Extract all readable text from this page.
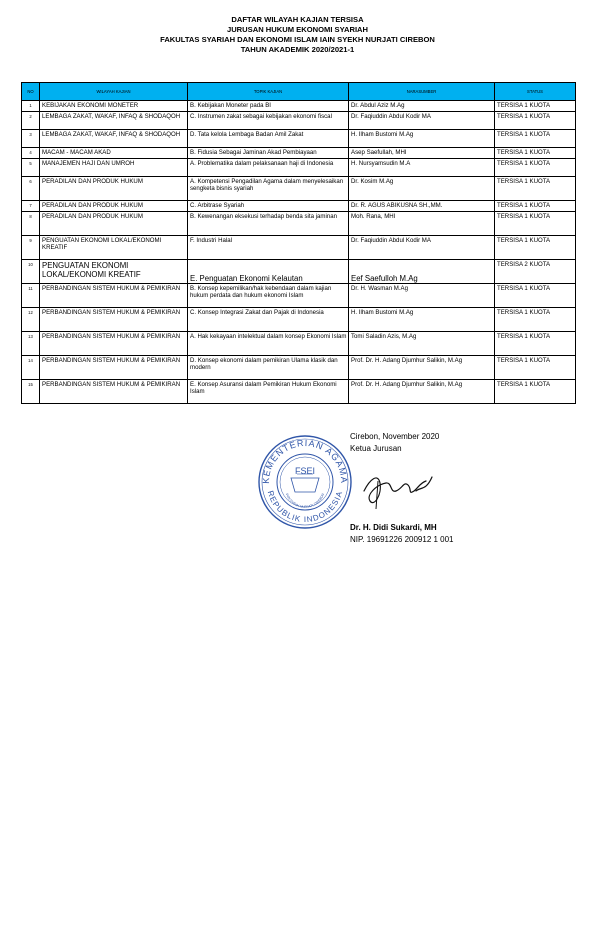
DAFTAR WILAYAH KAJIAN TERSISA
JURUSAN HUKUM EKONOMI SYARIAH
FAKULTAS SYARIAH DAN EKONOMI ISLAM IAIN SYEKH NURJATI CIREBON
TAHUN AKADEMIK 2020/2021-1
NO	WILAYAH KAJIAN	TOPIK KAJIAN	NARASUMBER	STATUS
1	KEBIJAKAN EKONOMI MONETER	B. Kebijakan Moneter pada BI	Dr. Abdul Aziz M.Ag	TERSISA 1 KUOTA
2	LEMBAGA ZAKAT, WAKAF, INFAQ & SHODAQOH	C. Instrumen zakat sebagai kebijakan ekonomi fiscal	Dr. Faqiuddin Abdul Kodir MA	TERSISA 1 KUOTA
3	LEMBAGA ZAKAT, WAKAF, INFAQ & SHODAQOH	D. Tata kelola Lembaga Badan Amil Zakat	H. Ilham Bustomi M.Ag	TERSISA 1 KUOTA
4	MACAM - MACAM AKAD	B. Fidusia Sebagai Jaminan Akad Pembiayaan	Asep Saefullah, MHI	TERSISA 1 KUOTA
5	MANAJEMEN HAJI DAN UMROH	A. Problematika dalam pelaksanaan haji di Indonesia	H. Nursyamsudin M.A	TERSISA 1 KUOTA
6	PERADILAN DAN PRODUK HUKUM	A. Kompetensi Pengadilan Agama dalam menyelesaikan sengketa bisnis syariah	Dr. Kosim M.Ag	TERSISA 1 KUOTA
7	PERADILAN DAN PRODUK HUKUM	C. Arbitrase Syariah	Dr. R. AGUS ABIKUSNA SH.,MM.	TERSISA 1 KUOTA
8	PERADILAN DAN PRODUK HUKUM	B. Kewenangan eksekusi terhadap benda sita jaminan	Moh. Rana, MHI	TERSISA 1 KUOTA
9	PENGUATAN EKONOMI LOKAL/EKONOMI KREATIF	F. Industri Halal	Dr. Faqiuddin Abdul Kodir MA	TERSISA 1 KUOTA
10	PENGUATAN EKONOMI LOKAL/EKONOMI KREATIF	E. Penguatan Ekonomi Kelautan	Eef Saefulloh M.Ag	TERSISA 2 KUOTA
11	PERBANDINGAN SISTEM HUKUM & PEMIKIRAN	B. Konsep kepemilikan/hak kebendaan dalam kajian hukum perdata dan hukum ekonomi Islam	Dr. H. Wasman M.Ag	TERSISA 1 KUOTA
12	PERBANDINGAN SISTEM HUKUM & PEMIKIRAN	C. Konsep Integrasi Zakat dan Pajak di Indonesia	H. Ilham Bustomi M.Ag	TERSISA 1 KUOTA
13	PERBANDINGAN SISTEM HUKUM & PEMIKIRAN	A. Hak kekayaan intelektual dalam konsep Ekonomi Islam	Tomi Saladin Azis, M.Ag	TERSISA 1 KUOTA
14	PERBANDINGAN SISTEM HUKUM & PEMIKIRAN	D. Konsep ekonomi dalam pemikiran Ulama klasik dan modern	Prof. Dr. H. Adang Djumhur Salikin, M.Ag	TERSISA 1 KUOTA
15	PERBANDINGAN SISTEM HUKUM & PEMIKIRAN	E. Konsep Asuransi dalam Pemikiran Hukum Ekonomi Islam	Prof. Dr. H. Adang Djumhur Salikin, M.Ag	TERSISA 1 KUOTA
KEMENTERIAN AGAMA
REPUBLIK INDONESIA
FSEI
IAIN SYEKH NURJATI CIREBON
Cirebon, November 2020
Ketua Jurusan
Dr. H. Didi Sukardi, MH
NIP. 19691226 200912 1 001
